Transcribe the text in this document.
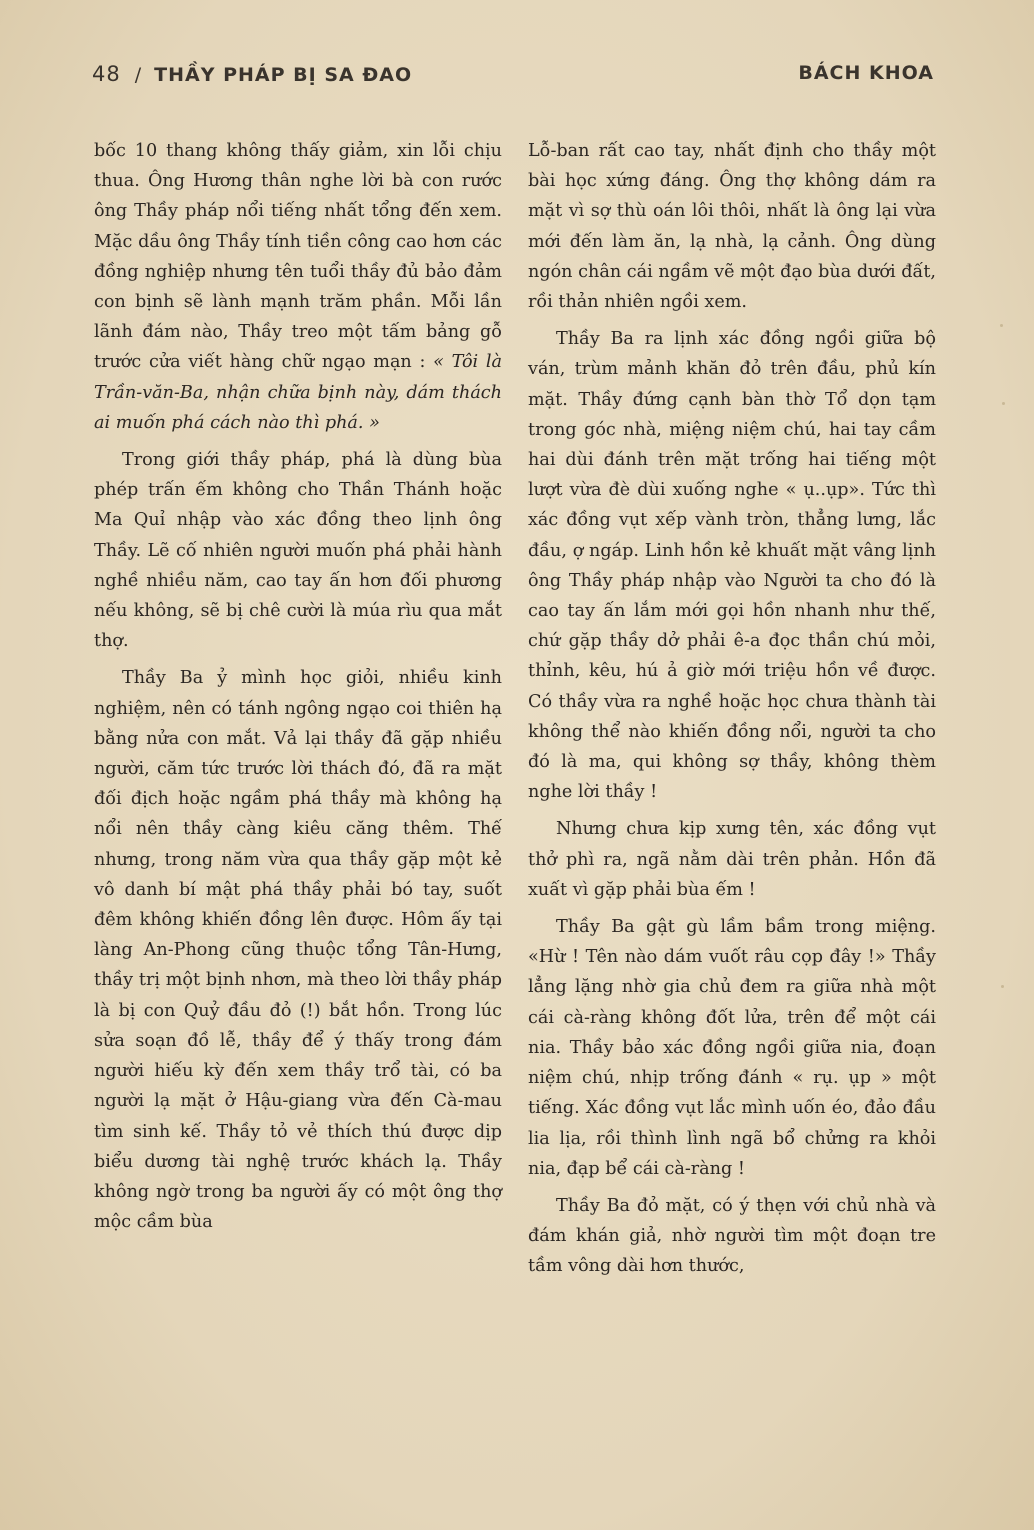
48 / THẦY PHÁP BỊ SA ĐAO	BÁCH KHOA

bốc 10 thang không thấy giảm, xin lỗi chịu thua. Ông Hương thân nghe lời bà con rước ông Thầy pháp nổi tiếng nhất tổng đến xem. Mặc dầu ông Thầy tính tiền công cao hơn các đồng nghiệp nhưng tên tuổi thầy đủ bảo đảm con bịnh sẽ lành mạnh trăm phần. Mỗi lần lãnh đám nào, Thầy treo một tấm bảng gỗ trước cửa viết hàng chữ ngạo mạn : « Tôi là Trần-văn-Ba, nhận chữa bịnh này, dám thách ai muốn phá cách nào thì phá. »

Trong giới thầy pháp, phá là dùng bùa phép trấn ếm không cho Thần Thánh hoặc Ma Quỉ nhập vào xác đồng theo lịnh ông Thầy. Lẽ cố nhiên người muốn phá phải hành nghề nhiều năm, cao tay ấn hơn đối phương nếu không, sẽ bị chê cười là múa rìu qua mắt thợ.

Thầy Ba ỷ mình học giỏi, nhiều kinh nghiệm, nên có tánh ngông ngạo coi thiên hạ bằng nửa con mắt. Vả lại thầy đã gặp nhiều người, căm tức trước lời thách đó, đã ra mặt đối địch hoặc ngầm phá thầy mà không hạ nổi nên thầy càng kiêu căng thêm. Thế nhưng, trong năm vừa qua thầy gặp một kẻ vô danh bí mật phá thầy phải bó tay, suốt đêm không khiến đồng lên được. Hôm ấy tại làng An-Phong cũng thuộc tổng Tân-Hưng, thầy trị một bịnh nhơn, mà theo lời thầy pháp là bị con Quỷ đầu đỏ (!) bắt hồn. Trong lúc sửa soạn đồ lễ, thầy để ý thấy trong đám người hiếu kỳ đến xem thầy trổ tài, có ba người lạ mặt ở Hậu-giang vừa đến Cà-mau tìm sinh kế. Thầy tỏ vẻ thích thú được dịp biểu dương tài nghệ trước khách lạ. Thầy không ngờ trong ba người ấy có một ông thợ mộc cầm bùa

Lỗ-ban rất cao tay, nhất định cho thầy một bài học xứng đáng. Ông thợ không dám ra mặt vì sợ thù oán lôi thôi, nhất là ông lại vừa mới đến làm ăn, lạ nhà, lạ cảnh. Ông dùng ngón chân cái ngầm vẽ một đạo bùa dưới đất, rồi thản nhiên ngồi xem.

Thầy Ba ra lịnh xác đồng ngồi giữa bộ ván, trùm mảnh khăn đỏ trên đầu, phủ kín mặt. Thầy đứng cạnh bàn thờ Tổ dọn tạm trong góc nhà, miệng niệm chú, hai tay cầm hai dùi đánh trên mặt trống hai tiếng một lượt vừa đè dùi xuống nghe « ụ..ụp». Tức thì xác đồng vụt xếp vành tròn, thẳng lưng, lắc đầu, ợ ngáp. Linh hồn kẻ khuất mặt vâng lịnh ông Thầy pháp nhập vào Người ta cho đó là cao tay ấn lắm mới gọi hồn nhanh như thế, chứ gặp thầy dở phải ê-a đọc thần chú mỏi, thỉnh, kêu, hú ả giờ mới triệu hồn về được. Có thầy vừa ra nghề hoặc học chưa thành tài không thể nào khiến đồng nổi, người ta cho đó là ma, qui không sợ thầy, không thèm nghe lời thầy !

Nhưng chưa kịp xưng tên, xác đồng vụt thở phì ra, ngã nằm dài trên phản. Hồn đã xuất vì gặp phải bùa ếm !

Thầy Ba gật gù lầm bầm trong miệng. «Hừ ! Tên nào dám vuốt râu cọp đây !» Thầy lẳng lặng nhờ gia chủ đem ra giữa nhà một cái cà-ràng không đốt lửa, trên để một cái nia. Thầy bảo xác đồng ngồi giữa nia, đoạn niệm chú, nhịp trống đánh « rụ. ụp » một tiếng. Xác đồng vụt lắc mình uốn éo, đảo đầu lia lịa, rồi thình lình ngã bổ chửng ra khỏi nia, đạp bể cái cà-ràng !

Thầy Ba đỏ mặt, có ý thẹn với chủ nhà và đám khán giả, nhờ người tìm một đoạn tre tầm vông dài hơn thước,
